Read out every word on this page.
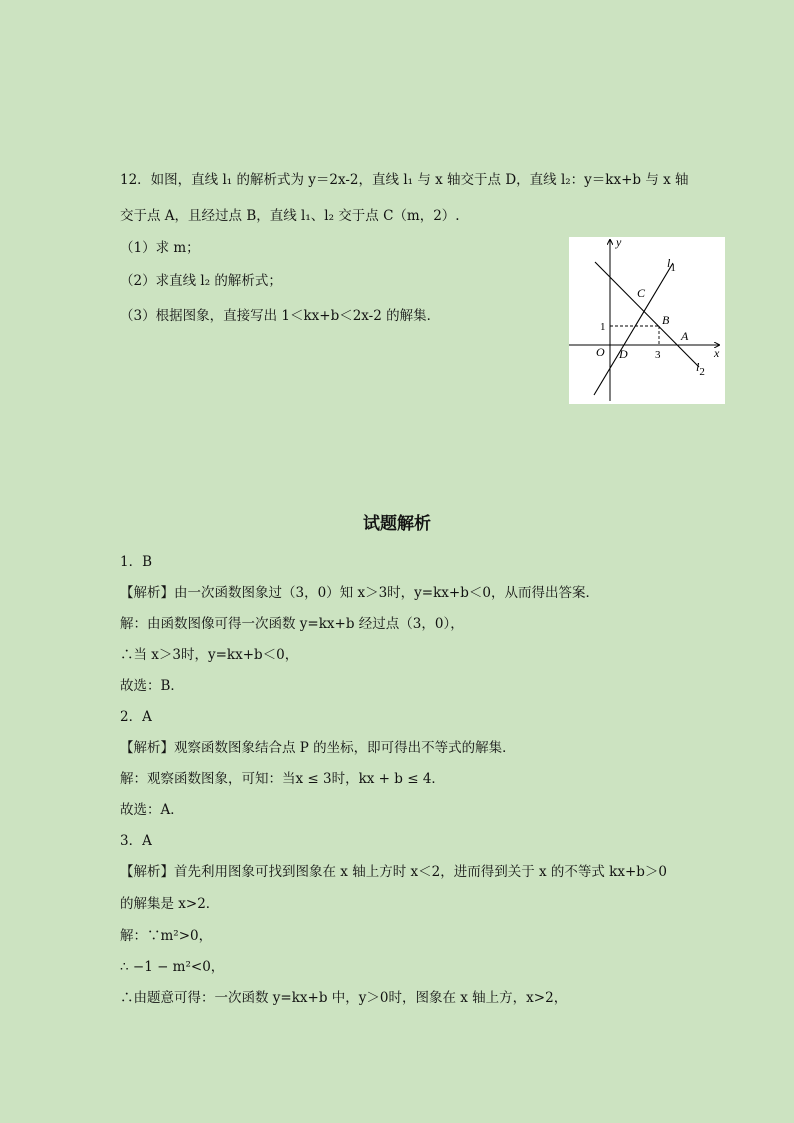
12．如图，直线 l₁ 的解析式为 y＝2x-2，直线 l₁ 与 x 轴交于点 D，直线 l₂：y＝kx+b 与 x 轴
交于点 A，且经过点 B，直线 l₁、l₂ 交于点 C（m，2）.
（1）求 m；
（2）求直线 l₂ 的解析式；
（3）根据图象，直接写出 1＜kx+b＜2x-2 的解集．
y
x
l1
l2
C
B
A
O D
1
3
试题解析
1．B
【解析】由一次函数图象过（3，0）知 x＞3时，y=kx+b＜0，从而得出答案．
解：由函数图像可得一次函数 y=kx+b 经过点（3，0），
∴当 x＞3时，y=kx+b＜0，
故选：B．
2．A
【解析】观察函数图象结合点 P 的坐标，即可得出不等式的解集．
解：观察函数图象，可知：当x ≤ 3时，kx + b ≤ 4．
故选：A．
3．A
【解析】首先利用图象可找到图象在 x 轴上方时 x＜2，进而得到关于 x 的不等式 kx+b＞0
的解集是 x>2．
解：∵m²>0，
∴ −1 − m²<0，
∴由题意可得：一次函数 y=kx+b 中，y＞0时，图象在 x 轴上方，x>2，
